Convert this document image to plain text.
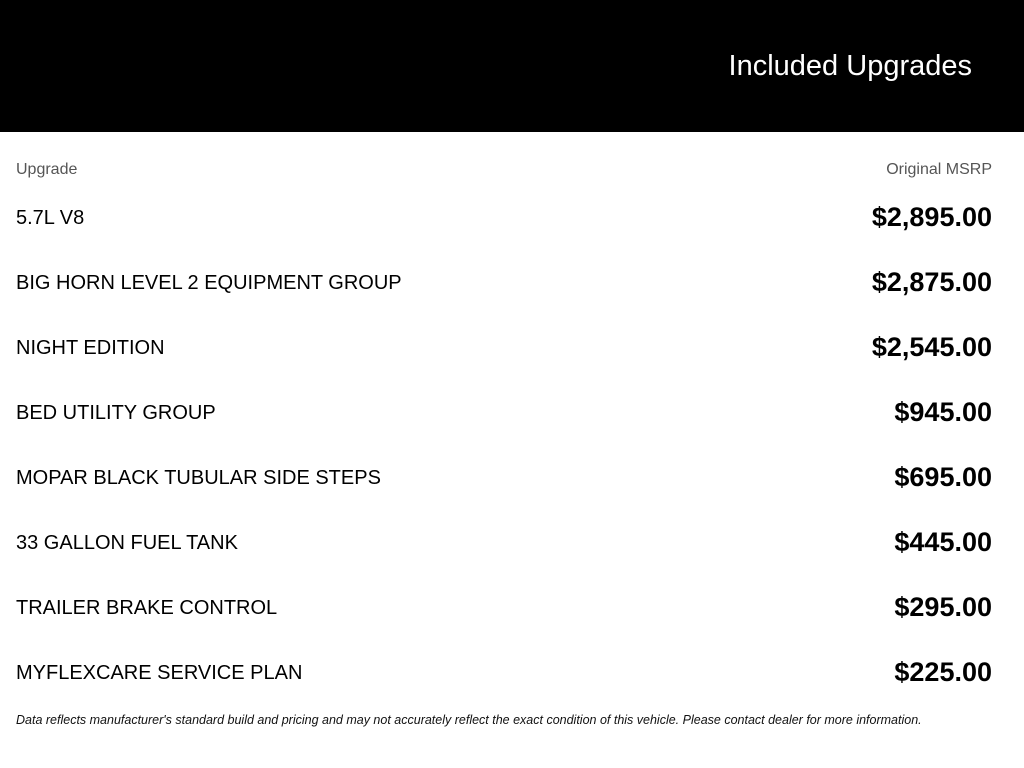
Included Upgrades
Upgrade	Original MSRP
5.7L V8	$2,895.00
BIG HORN LEVEL 2 EQUIPMENT GROUP	$2,875.00
NIGHT EDITION	$2,545.00
BED UTILITY GROUP	$945.00
MOPAR BLACK TUBULAR SIDE STEPS	$695.00
33 GALLON FUEL TANK	$445.00
TRAILER BRAKE CONTROL	$295.00
MYFLEXCARE SERVICE PLAN	$225.00
Data reflects manufacturer's standard build and pricing and may not accurately reflect the exact condition of this vehicle. Please contact dealer for more information.
